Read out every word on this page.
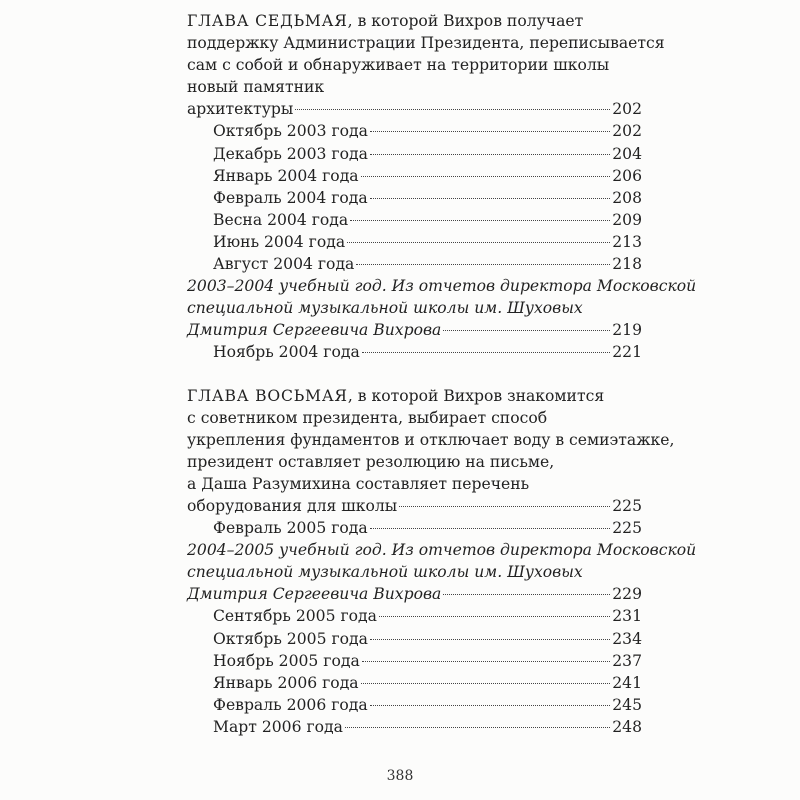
ГЛАВА СЕДЬМАЯ , в которой Вихров получает
поддержку Администрации Президента, переписывается
сам с собой и обнаруживает на территории школы
новый памятник
архитектуры	202
Октябрь 2003 года	202
Декабрь 2003 года	204
Январь 2004 года	206
Февраль 2004 года	208
Весна 2004 года	209
Июнь 2004 года	213
Август 2004 года	218
2003–2004 учебный год. Из отчетов директора Московской
специальной музыкальной школы им. Шуховых
Дмитрия Сергеевича Вихрова	219
Ноябрь 2004 года	221
ГЛАВА ВОСЬМАЯ , в которой Вихров знакомится
с советником президента, выбирает способ
укрепления фундаментов и отключает воду в семиэтажке,
президент оставляет резолюцию на письме,
а Даша Разумихина составляет перечень
оборудования для школы	225
Февраль 2005 года	225
2004–2005 учебный год. Из отчетов директора Московской
специальной музыкальной школы им. Шуховых
Дмитрия Сергеевича Вихрова	229
Сентябрь 2005 года	231
Октябрь 2005 года	234
Ноябрь 2005 года	237
Январь 2006 года	241
Февраль 2006 года	245
Март 2006 года	248
388
